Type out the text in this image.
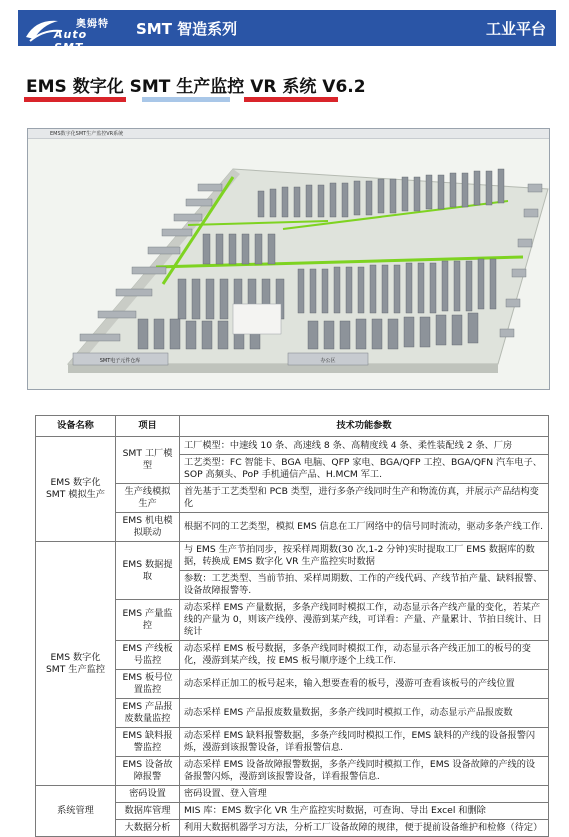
奥姆特
Auto SMT
SMT 智造系列	工业平台
EMS 数字化 SMT 生产监控 VR 系统 V6.2
EMS数字化SMT生产监控VR系统
SMT电子元件仓库	办公区
设备名称	项目	技术功能参数
EMS 数字化 SMT 模拟生产	SMT 工厂模型	工厂模型：中速线 10 条、高速线 8 条、高精度线 4 条、柔性装配线 2 条、厂房
		工艺类型：FC 智能卡、BGA 电脑、QFP 家电、BGA/QFP 工控、BGA/QFN 汽车电子、SOP 高频头、PoP 手机通信产品、H.MCM 军工.
	生产线模拟生产	首先基于工艺类型和 PCB 类型，进行多条产线同时生产和物流仿真，并展示产品结构变化
	EMS 机电模拟联动	根据不同的工艺类型，模拟 EMS 信息在工厂网络中的信号同时流动，驱动多条产线工作.
EMS 数字化 SMT 生产监控	EMS 数据提取	与 EMS 生产节拍同步，按采样周期数(30 次,1-2 分钟)实时提取工厂 EMS 数据库的数据，转换成 EMS 数字化 VR 生产监控实时数据
		参数：工艺类型、当前节拍、采样周期数、工作的产线代码、产线节拍产量、缺料报警、设备故障报警等.
	EMS 产量监控	动态采样 EMS 产量数据，多条产线同时模拟工作，动态显示各产线产量的变化，若某产线的产量为 0，则该产线停、漫游到某产线，可详看：产量、产量累计、节拍日统计、日统计
	EMS 产线板号监控	动态采样 EMS 板号数据，多条产线同时模拟工作，动态显示各产线正加工的板号的变化，漫游到某产线，按 EMS 板号顺序逐个上线工作.
	EMS 板号位置监控	动态采样正加工的板号起来，输入想要查看的板号，漫游可查看该板号的产线位置
	EMS 产品报废数量监控	动态采样 EMS 产品报废数量数据，多条产线同时模拟工作，动态显示产品报废数
	EMS 缺料报警监控	动态采样 EMS 缺料报警数据，多条产线同时模拟工作，EMS 缺料的产线的设备报警闪烁，漫游到该报警设备，详看报警信息.
	EMS 设备故障报警	动态采样 EMS 设备故障报警数据，多条产线同时模拟工作，EMS 设备故障的产线的设备报警闪烁，漫游到该报警设备，详看报警信息.
系统管理	密码设置	密码设置、登入管理
	数据库管理	MIS 库：EMS 数字化 VR 生产监控实时数据，可查询、导出 Excel 和删除
	大数据分析	利用大数据机器学习方法，分析工厂设备故障的规律，便于提前设备维护和检修（待定）
